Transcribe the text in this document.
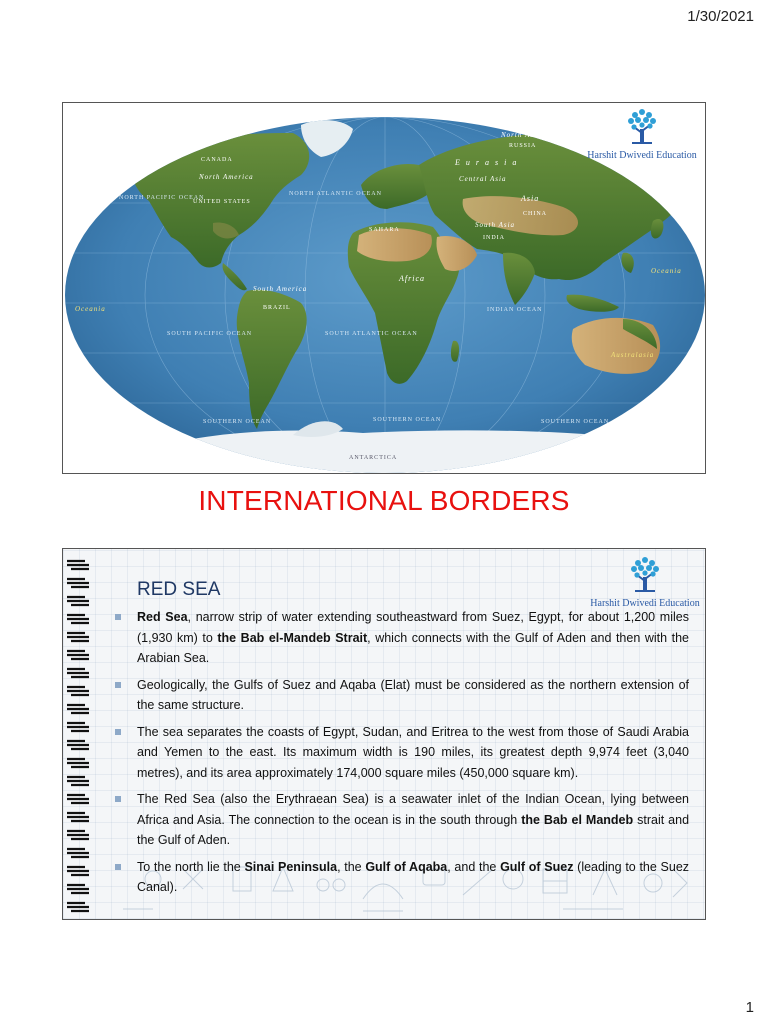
1/30/2021
CANADA
North America
UNITED STATES
NORTH PACIFIC OCEAN
NORTH ATLANTIC OCEAN
South America
BRAZIL
SOUTH PACIFIC OCEAN	SOUTH ATLANTIC OCEAN
SAHARA
Africa
Eurasia
North Asia
RUSSIA
Central Asia
Asia
CHINA
South Asia
INDIA
INDIAN OCEAN
Oceania
Oceania
Australasia
ANTARCTICA
SOUTHERN OCEAN	SOUTHERN OCEAN	SOUTHERN OCEAN
Harshit Dwivedi Education
INTERNATIONAL BORDERS
Harshit Dwivedi Education
RED SEA
Red Sea, narrow strip of water extending southeastward from Suez, Egypt, for about 1,200 miles (1,930 km) to the Bab el-Mandeb Strait, which connects with the Gulf of Aden and then with the Arabian Sea.
Geologically, the Gulfs of Suez and Aqaba (Elat) must be considered as the northern extension of the same structure.
The sea separates the coasts of Egypt, Sudan, and Eritrea to the west from those of Saudi Arabia and Yemen to the east. Its maximum width is 190 miles, its greatest depth 9,974 feet (3,040 metres), and its area approximately 174,000 square miles (450,000 square km).
The Red Sea (also the Erythraean Sea) is a seawater inlet of the Indian Ocean, lying between Africa and Asia. The connection to the ocean is in the south through the Bab el Mandeb strait and the Gulf of Aden.
To the north lie the Sinai Peninsula, the Gulf of Aqaba, and the Gulf of Suez (leading to the Suez Canal).
1
